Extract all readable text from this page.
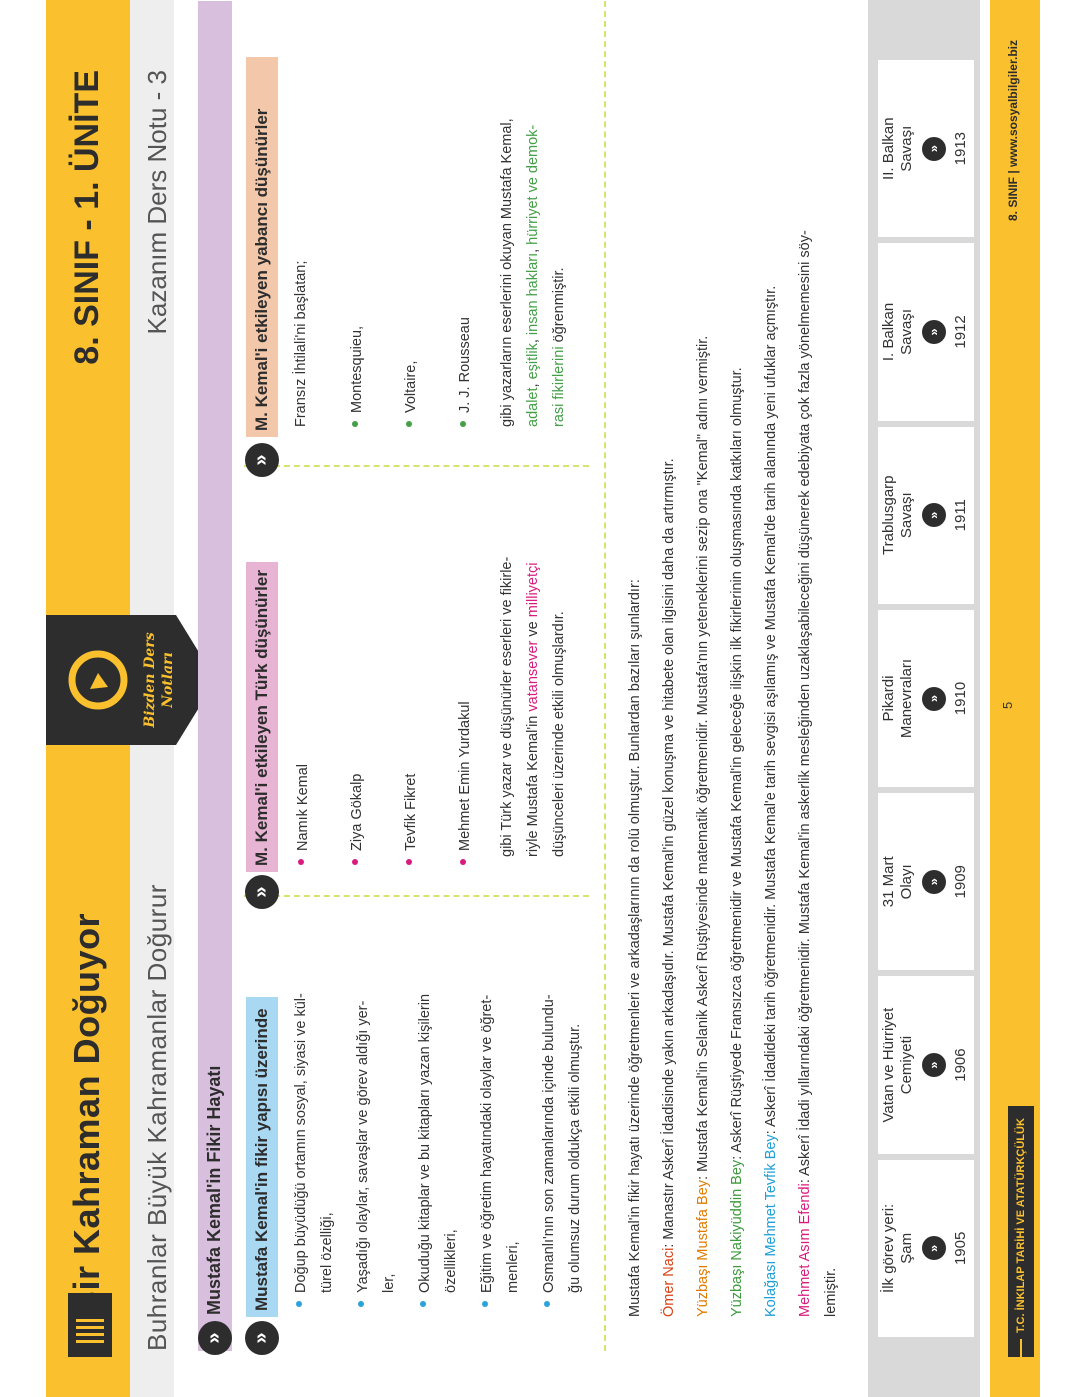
Bir Kahraman Doğuyor
8. SINIF - 1. ÜNİTE
Buhranlar Büyük Kahramanlar Doğurur
Kazanım Ders Notu - 3
Bizden Ders Notları
»
Mustafa Kemal'in Fikir Hayatı
»
Mustafa Kemal'in fikir yapısı üzerinde	Doğup büyüdüğü ortamın sosyal, siyasi ve kül- türel özelliği,	Yaşadığı olaylar, savaşlar ve görev aldığı yer- ler,	Okuduğu kitaplar ve bu kitapları yazan kişilerin özellikleri,	Eğitim ve öğretim hayatındaki olaylar ve öğret- menleri,	Osmanlı'nın son zamanlarında içinde bulundu- ğu olumsuz durum oldukça etkili olmuştur.
»
M. Kemal'i etkileyen Türk düşünürler	Namık Kemal	Ziya Gökalp	Tevfik Fikret	Mehmet Emin Yurdakul	gibi Türk yazar ve düşünürler eserleri ve fikirle- riyle Mustafa Kemal'in vatansever ve milliyetçi
düşünceleri üzerinde etkili olmuşlardır.
»
M. Kemal'i etkileyen yabancı düşünürler	Fransız İhtilali'ni başlatan;	Montesquieu,	Voltaire,	J. J. Rousseau	gibi yazarların eserlerini okuyan Mustafa Kemal, adalet, eşitlik, insan hakları, hürriyet ve demok-
rasi fikirlerini öğrenmiştir.
Mustafa Kemal'in fikir hayatı üzerinde öğretmenleri ve arkadaşlarının da rolü olmuştur. Bunlardan bazıları şunlardır: Ömer Naci: Manastır Askerî İdadisinde yakın arkadaşıdır. Mustafa Kemal'in güzel konuşma ve hitabete olan ilgisini daha da artırmıştır.
Yüzbaşı Mustafa Bey: Mustafa Kemal'in Selanik Askerî Rüştiyesinde matematik öğretmenidir. Mustafa'nın yeteneklerini sezip ona "Kemal" adını vermiştir.
Yüzbaşı Nakiyüddin Bey: Askerî Rüştiyede Fransızca öğretmenidir ve Mustafa Kemal'in geleceğe ilişkin ilk fikirlerinin oluşmasında katkıları olmuştur.
Kolağası Mehmet Tevfik Bey: Askerî İdadideki tarih öğretmenidir. Mustafa Kemal'e tarih sevgisi aşılamış ve Mustafa Kemal'de tarih alanında yeni ufuklar açmıştır.
Mehmet Asım Efendi: Askerî İdadi yıllarındaki öğretmenidir. Mustafa Kemal'in askerlik mesleğinden uzaklaşabileceğini düşünerek edebiyata çok fazla yönelmemesini söy-
lemiştir.	İlk görev yeri:
Şam » 1905
Vatan ve Hürriyet
Cemiyeti » 1906
31 Mart
Olayı » 1909
Pikardi
Manevraları » 1910
Trablusgarp
Savaşı » 1911
I. Balkan
Savaşı » 1912
II. Balkan
Savaşı » 1913
T.C. İNKILAP TARİHİ VE ATATÜRKÇÜLÜK
5
8. SINIF | www.sosyalbilgiler.biz
